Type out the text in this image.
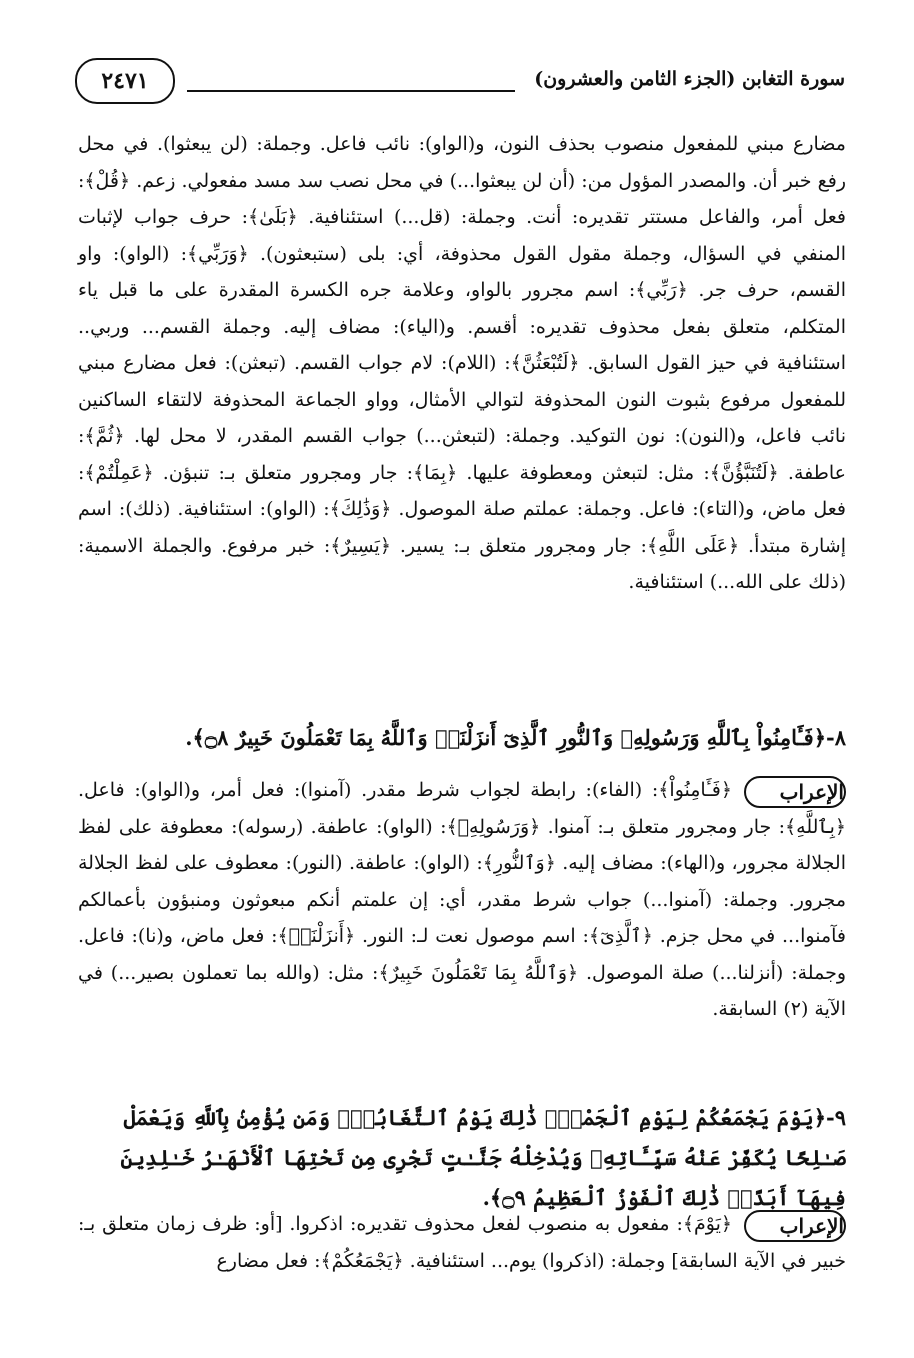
سورة التغابن (الجزء الثامن والعشرون)
٢٤٧١
مضارع مبني للمفعول منصوب بحذف النون، و(الواو): نائب فاعل. وجملة: (لن يبعثوا). في محل رفع خبر أن. والمصدر المؤول من: (أن لن يبعثوا...) في محل نصب سد مسد مفعولي. زعم. ﴿قُلْ﴾: فعل أمر، والفاعل مستتر تقديره: أنت. وجملة: (قل...) استئنافية. ﴿بَلَىٰ﴾: حرف جواب لإثبات المنفي في السؤال، وجملة مقول القول محذوفة، أي: بلى (ستبعثون). ﴿وَرَبِّي﴾: (الواو): واو القسم، حرف جر. ﴿رَبِّي﴾: اسم مجرور بالواو، وعلامة جره الكسرة المقدرة على ما قبل ياء المتكلم، متعلق بفعل محذوف تقديره: أقسم. و(الياء): مضاف إليه. وجملة القسم... وربي.. استئنافية في حيز القول السابق. ﴿لَتُبْعَثُنَّ﴾: (اللام): لام جواب القسم. (تبعثن): فعل مضارع مبني للمفعول مرفوع بثبوت النون المحذوفة لتوالي الأمثال، وواو الجماعة المحذوفة لالتقاء الساكنين نائب فاعل، و(النون): نون التوكيد. وجملة: (لتبعثن...) جواب القسم المقدر، لا محل لها. ﴿ثُمَّ﴾: عاطفة. ﴿لَتُنَبَّؤُنَّ﴾: مثل: لتبعثن ومعطوفة عليها. ﴿بِمَا﴾: جار ومجرور متعلق بـ: تنبؤن. ﴿عَمِلْتُمْ﴾: فعل ماض، و(التاء): فاعل. وجملة: عملتم صلة الموصول. ﴿وَذَٰلِكَ﴾: (الواو): استئنافية. (ذلك): اسم إشارة مبتدأ. ﴿عَلَى اللَّهِ﴾: جار ومجرور متعلق بـ: يسير. ﴿يَسِيرٌ﴾: خبر مرفوع. والجملة الاسمية: (ذلك على الله...) استئنافية.
٨-﴿فَـَٔامِنُواْ بِٱللَّهِ وَرَسُولِهِۦ وَٱلنُّورِ ٱلَّذِىٓ أَنزَلْنَاۚ وَٱللَّهُ بِمَا تَعْمَلُونَ خَبِيرٌ ۝٨﴾.
الإعراب
﴿فَـَٔامِنُواْ﴾: (الفاء): رابطة لجواب شرط مقدر. (آمنوا): فعل أمر، و(الواو): فاعل. ﴿بِٱللَّهِ﴾: جار ومجرور متعلق بـ: آمنوا. ﴿وَرَسُولِهِۦ﴾: (الواو): عاطفة. (رسوله): معطوفة على لفظ الجلالة مجرور، و(الهاء): مضاف إليه. ﴿وَٱلنُّورِ﴾: (الواو): عاطفة. (النور): معطوف على لفظ الجلالة مجرور. وجملة: (آمنوا...) جواب شرط مقدر، أي: إن علمتم أنكم مبعوثون ومنبؤون بأعمالكم فآمنوا... في محل جزم. ﴿ٱلَّذِىٓ﴾: اسم موصول نعت لـ: النور. ﴿أَنزَلْنَاۚ﴾: فعل ماض، و(نا): فاعل. وجملة: (أنزلنا...) صلة الموصول. ﴿وَٱللَّهُ بِمَا تَعْمَلُونَ خَبِيرٌ﴾: مثل: (والله بما تعملون بصير...) في الآية (٢) السابقة.
٩-﴿يَوْمَ يَجْمَعُكُمْ لِيَوْمِ ٱلْجَمْعِۖ ذَٰلِكَ يَوْمُ ٱلتَّغَابُنِۗ وَمَن يُؤْمِنۢ بِٱللَّهِ وَيَعْمَلْ صَـٰلِحًا يُكَفِّرْ عَنْهُ سَيِّـَٔاتِهِۦ وَيُدْخِلْهُ جَنَّـٰتٍ تَجْرِى مِن تَحْتِهَا ٱلْأَنْهَـٰرُ خَـٰلِدِينَ فِيهَآ أَبَدًاۚ ذَٰلِكَ ٱلْفَوْزُ ٱلْعَظِيمُ ۝٩﴾.
الإعراب
﴿يَوْمَ﴾: مفعول به منصوب لفعل محذوف تقديره: اذكروا. [أو: ظرف زمان متعلق بـ: خبير في الآية السابقة] وجملة: (اذكروا) يوم... استئنافية. ﴿يَجْمَعُكُمْ﴾: فعل مضارع
